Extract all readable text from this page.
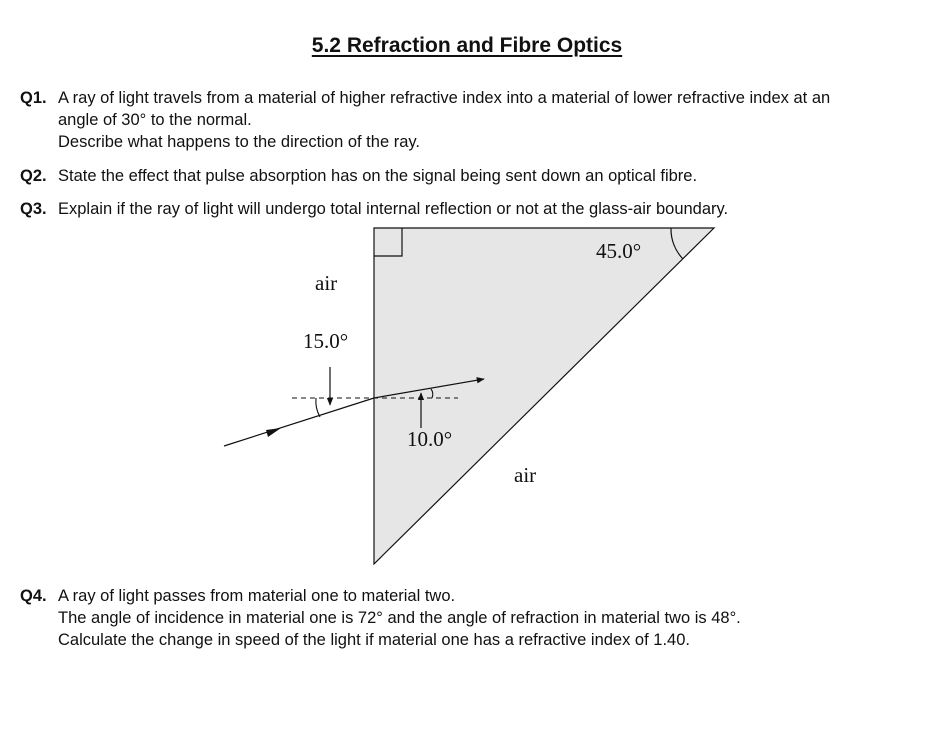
5.2 Refraction and Fibre Optics
Q1. A ray of light travels from a material of higher refractive index into a material of lower refractive index at an
angle of 30° to the normal.
Describe what happens to the direction of the ray.
Q2. State the effect that pulse absorption has on the signal being sent down an optical fibre.
Q3. Explain if the ray of light will undergo total internal reflection or not at the glass-air boundary.
air
15.0°
10.0°
air
45.0°
Q4. A ray of light passes from material one to material two.
The angle of incidence in material one is 72° and the angle of refraction in material two is 48°.
Calculate the change in speed of the light if material one has a refractive index of 1.40.
